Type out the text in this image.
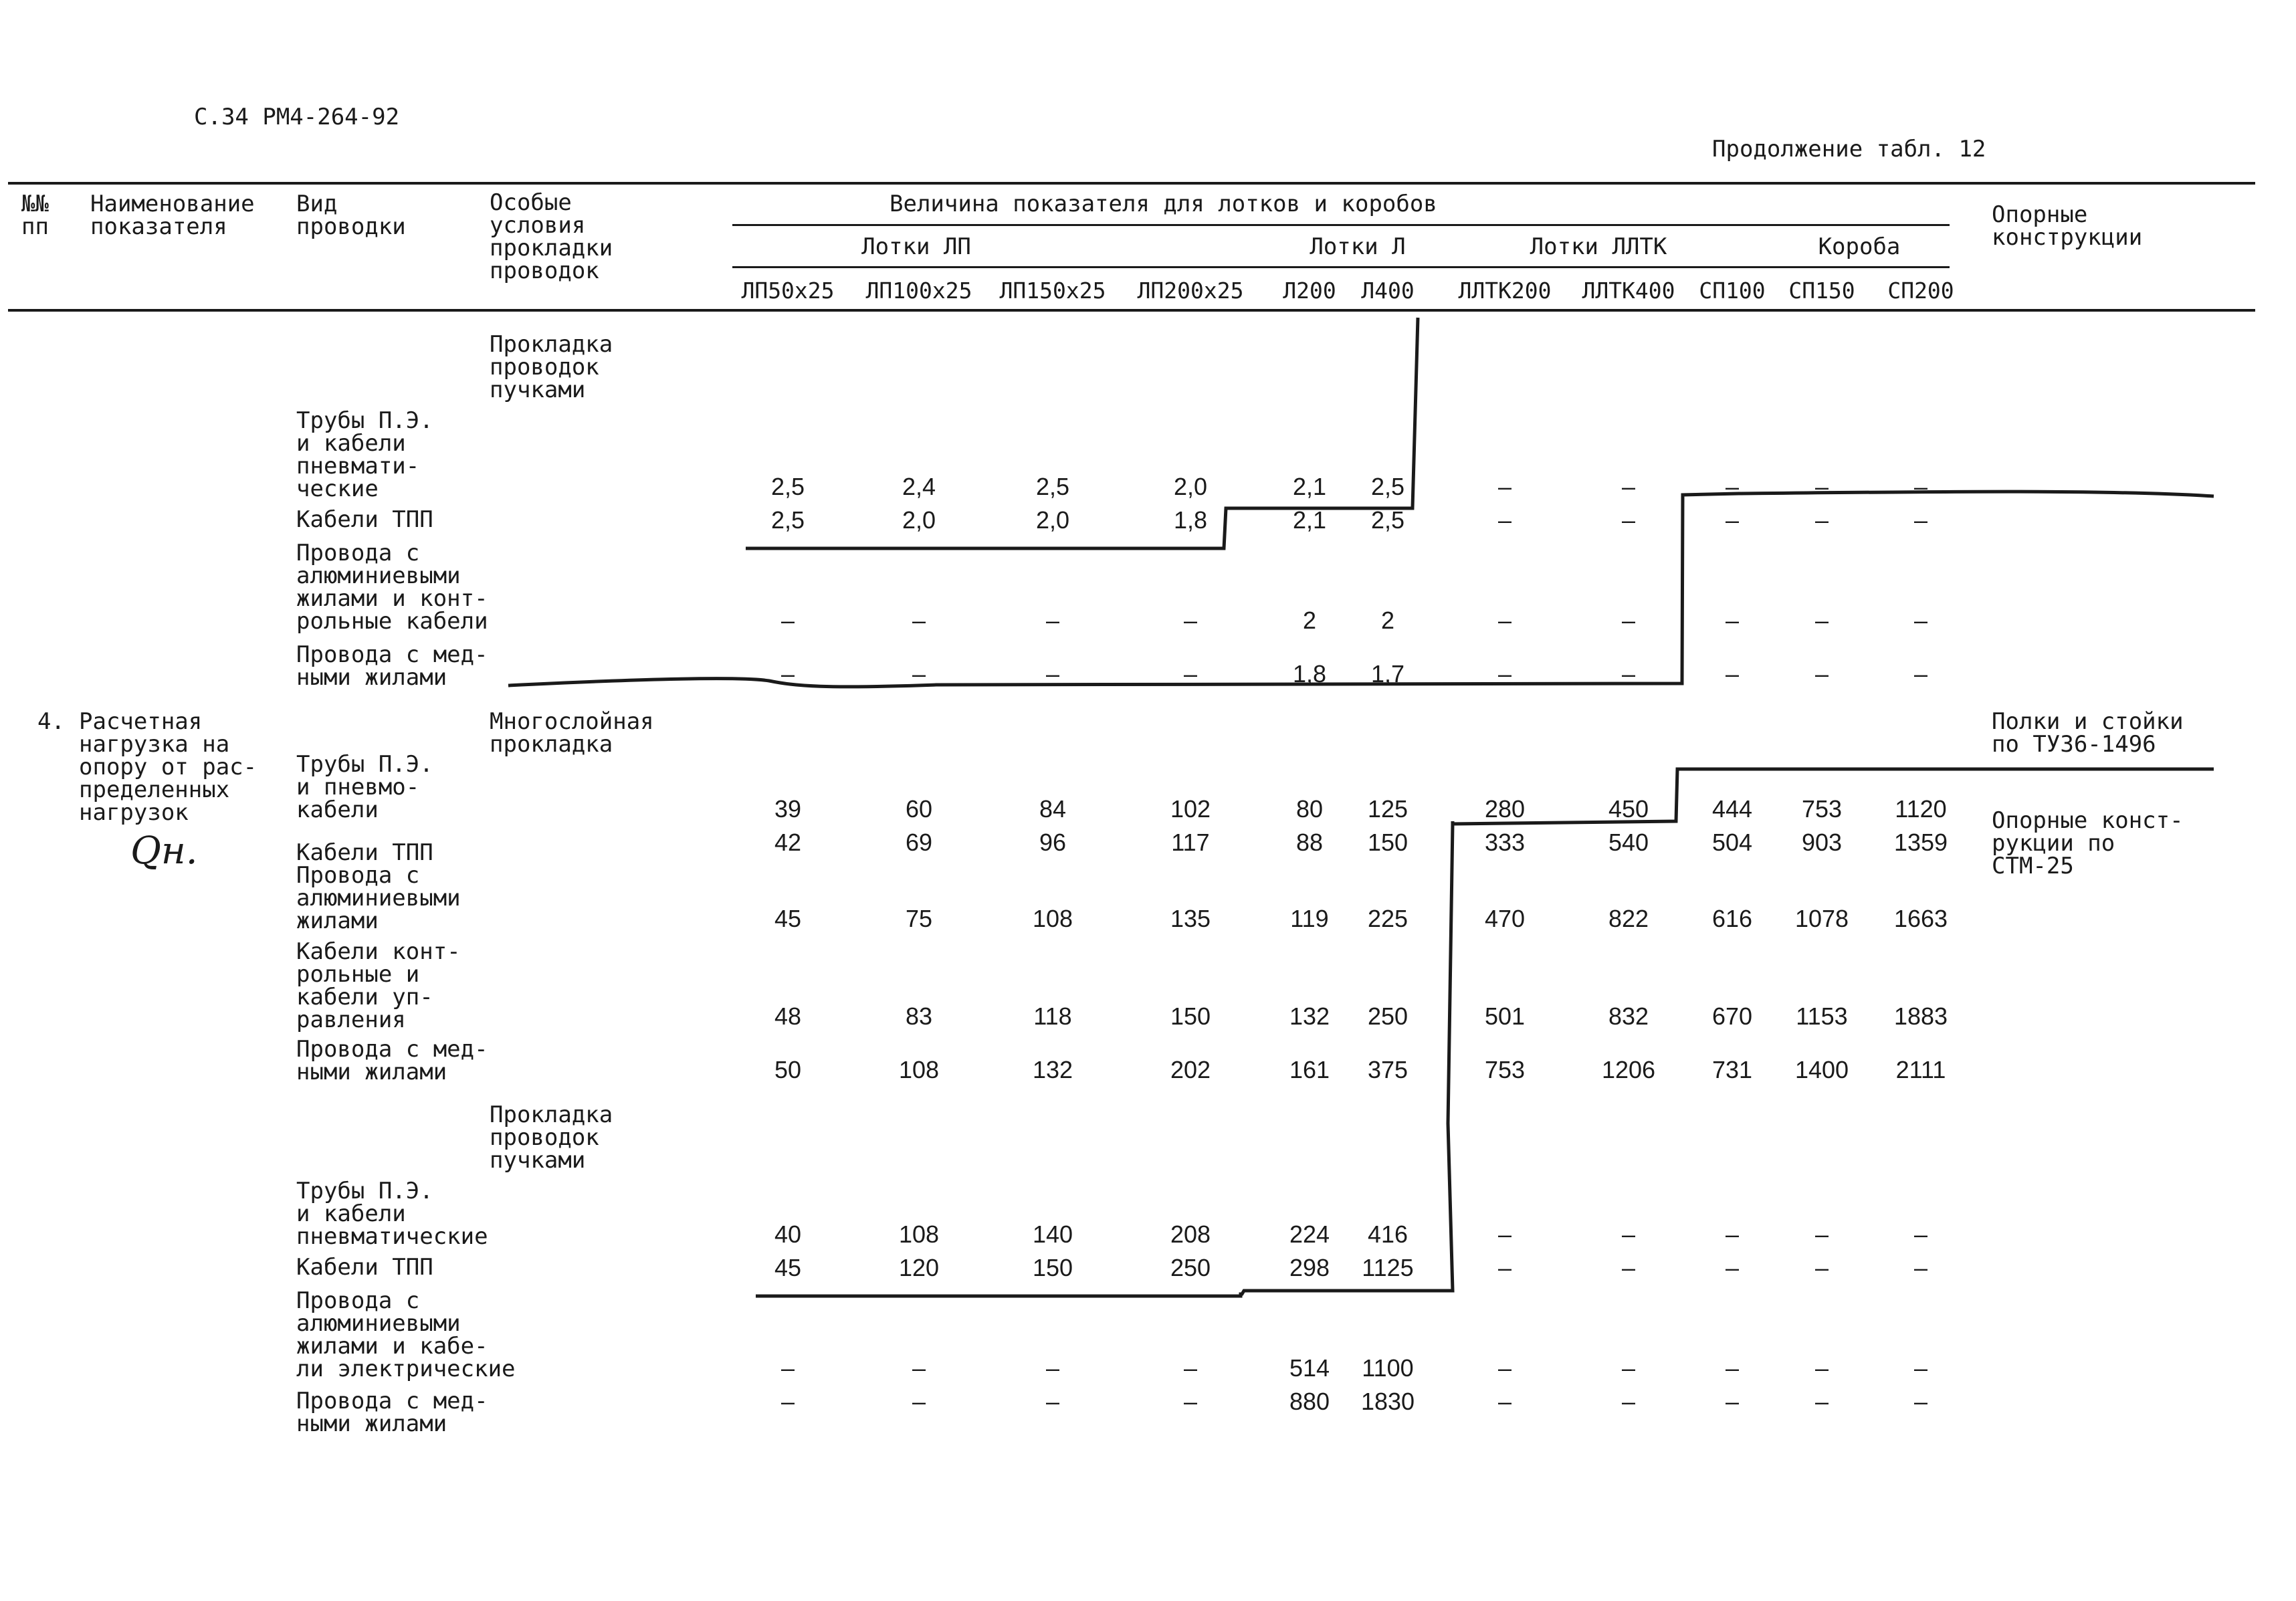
С.34 РМ4-264-92
Продолжение табл. 12
№№
пп
Наименование
показателя
Вид
проводки
Особые
условия
прокладки
проводок
Величина показателя для лотков и коробов	Опорные
конструкции
Лотки ЛП	Лотки Л	Лотки ЛЛТК	Короба
ЛП50х25	ЛП100х25	ЛП150х25	ЛП200х25	Л200	Л400	ЛЛТК200	ЛЛТК400	СП100	СП150	СП200
4. Расчетная
нагрузка на
опору от рас-
пределенных
нагрузок
Qн.
Полки и стойки
по ТУ36-1496
Опорные конст-
рукции по
СТМ-25
Прокладка
проводок
пучками
Трубы П.Э.
и кабели
пневмати-
ческие	2,5	2,4	2,5	2,0	2,1	2,5	–	–	–	–	–
Кабели ТПП	2,5	2,0	2,0	1,8	2,1	2,5	–	–	–	–	–
Провода с
алюминиевыми
жилами и конт-
рольные кабели	–	–	–	–	2	2	–	–	–	–	–
Провода с мед-
ными жилами	–	–	–	–	1,8	1,7	–	–	–	–	–
Многослойная
прокладка
Трубы П.Э.
и пневмо-
кабели	39	60	84	102	80	125	280	450	444	753	1120
Кабели ТПП	42	69	96	117	88	150	333	540	504	903	1359
Провода с
алюминиевыми
жилами	45	75	108	135	119	225	470	822	616	1078	1663
Кабели конт-
рольные и
кабели уп-
равления	48	83	118	150	132	250	501	832	670	1153	1883
Провода с мед-
ными жилами	50	108	132	202	161	375	753	1206	731	1400	2111
Прокладка
проводок
пучками
Трубы П.Э.
и кабели
пневматические	40	108	140	208	224	416	–	–	–	–	–
Кабели ТПП	45	120	150	250	298	1125	–	–	–	–	–
Провода с
алюминиевыми
жилами и кабе-
ли электрические	–	–	–	–	514	1100	–	–	–	–	–
Провода с мед-
ными жилами
–	–	–	–	880	1830	–	–	–	–	–
